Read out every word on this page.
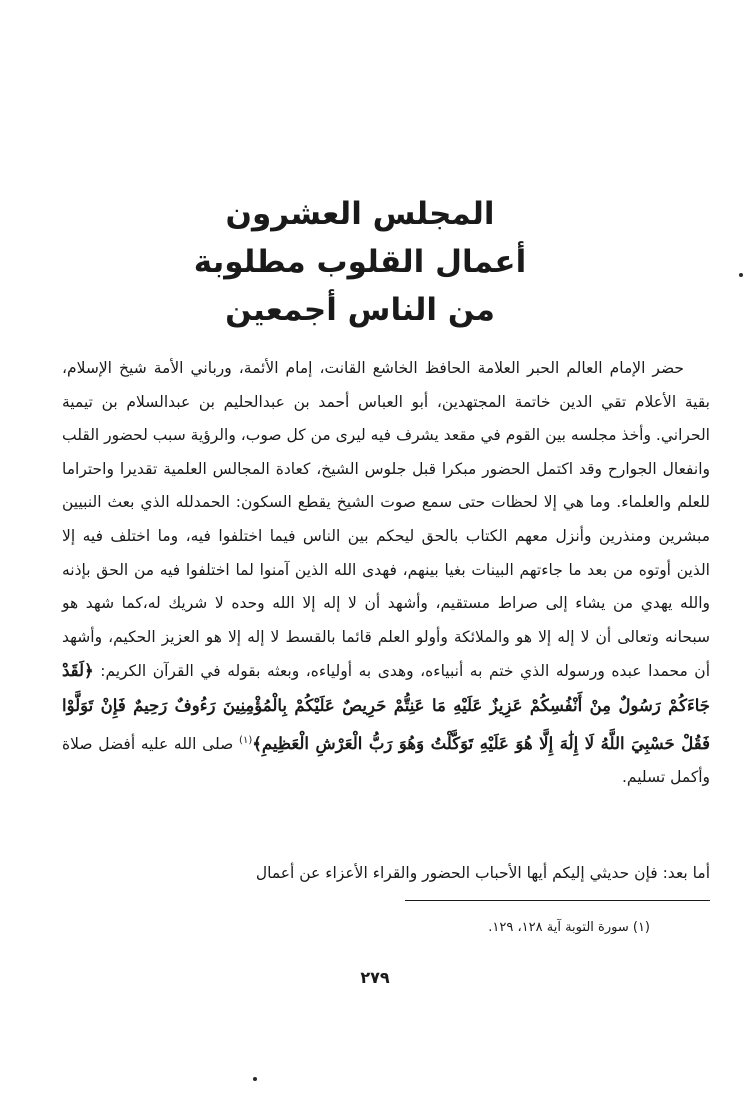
المجلس العشرون
أعمال القلوب مطلوبة
من الناس أجمعين

حضر الإمام العالم الحبر العلامة الحافظ الخاشع القانت، إمام الأئمة، ورباني الأمة شيخ الإسلام، بقية الأعلام تقي الدين خاتمة المجتهدين، أبو العباس أحمد بن عبدالحليم بن عبدالسلام بن تيمية الحراني. وأخذ مجلسه بين القوم في مقعد يشرف فيه ليرى من كل صوب، والرؤية سبب لحضور القلب وانفعال الجوارح وقد اكتمل الحضور مبكرا قبل جلوس الشيخ، كعادة المجالس العلمية تقديرا واحتراما للعلم والعلماء. وما هي إلا لحظات حتى سمع صوت الشيخ يقطع السكون: الحمدلله الذي بعث النبيين مبشرين ومنذرين وأنزل معهم الكتاب بالحق ليحكم بين الناس فيما اختلفوا فيه، وما اختلف فيه إلا الذين أوتوه من بعد ما جاءتهم البينات بغيا بينهم، فهدى الله الذين آمنوا لما اختلفوا فيه من الحق بإذنه والله يهدي من يشاء إلى صراط مستقيم، وأشهد أن لا إله إلا الله وحده لا شريك له،كما شهد هو سبحانه وتعالى أن لا إله إلا هو والملائكة وأولو العلم قائما بالقسط لا إله إلا هو العزيز الحكيم، وأشهد أن محمدا عبده ورسوله الذي ختم به أنبياءه، وهدى به أولياءه، وبعثه بقوله في القرآن الكريم: ﴿لَقَدْ جَاءَكُمْ رَسُولٌ مِنْ أَنْفُسِكُمْ عَزِيزٌ عَلَيْهِ مَا عَنِتُّمْ حَرِيصٌ عَلَيْكُمْ بِالْمُؤْمِنِينَ رَءُوفٌ رَحِيمٌ فَإِنْ تَوَلَّوْا فَقُلْ حَسْبِيَ اللَّهُ لَا إِلَٰهَ إِلَّا هُوَ عَلَيْهِ تَوَكَّلْتُ وَهُوَ رَبُّ الْعَرْشِ الْعَظِيمِ﴾$^{(١)}$ صلى الله عليه أفضل صلاة وأكمل تسليم.

أما بعد: فإن حديثي إليكم أيها الأحباب الحضور والقراء الأعزاء عن أعمال
(١) سورة التوبة آية ١٢٨، ١٢٩.
٢٧٩
